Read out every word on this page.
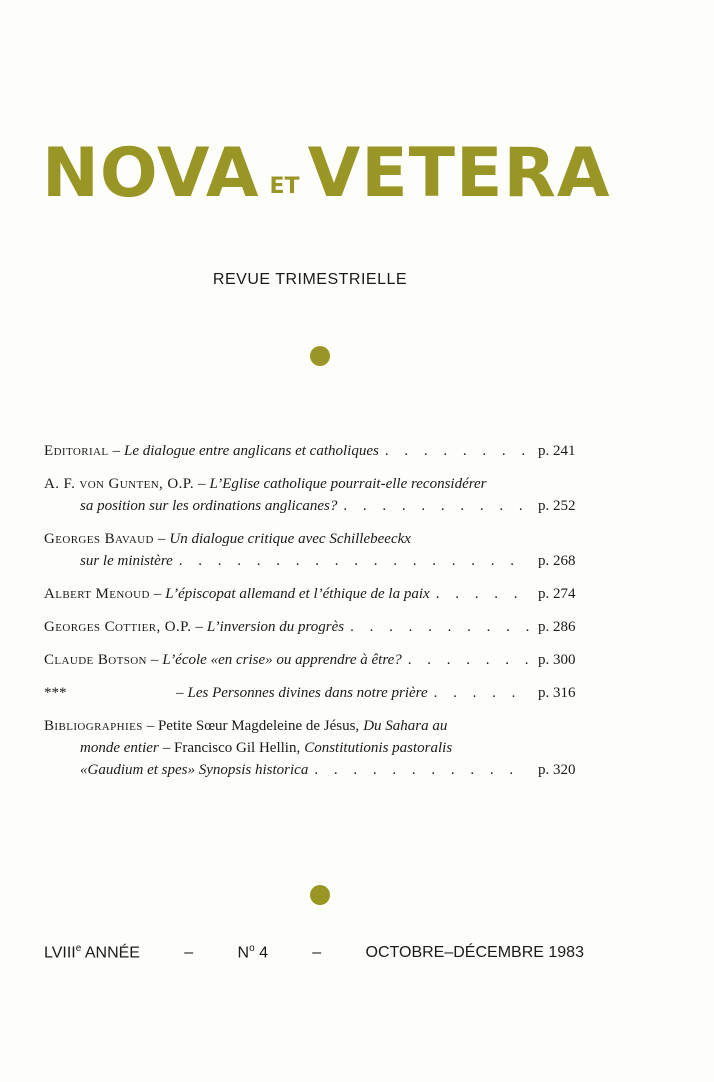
NOVA ET VETERA
REVUE TRIMESTRIELLE
Editorial – Le dialogue entre anglicans et catholiques . . .	p. 241
A. F. von Gunten, O.P. – L’Eglise catholique pourrait-elle reconsidérer
sa position sur les ordinations anglicanes? . . .	p. 252
Georges Bavaud – Un dialogue critique avec Schillebeeckx
sur le ministère . . .	p. 268
Albert Menoud – L’épiscopat allemand et l’éthique de la paix . . .	p. 274
Georges Cottier, O.P. – L’inversion du progrès . . .	p. 286
Claude Botson – L’école «en crise» ou apprendre à être? . . .	p. 300
***	– Les Personnes divines dans notre prière . . .	p. 316
Bibliographies – Petite Sœur Magdeleine de Jésus, Du Sahara au
monde entier – Francisco Gil Hellin, Constitutionis pastoralis
«Gaudium et spes» Synopsis historica . . .	p. 320
LVIIIe ANNÉE	–	$N^o$ 4	–	OCTOBRE–DÉCEMBRE 1983
